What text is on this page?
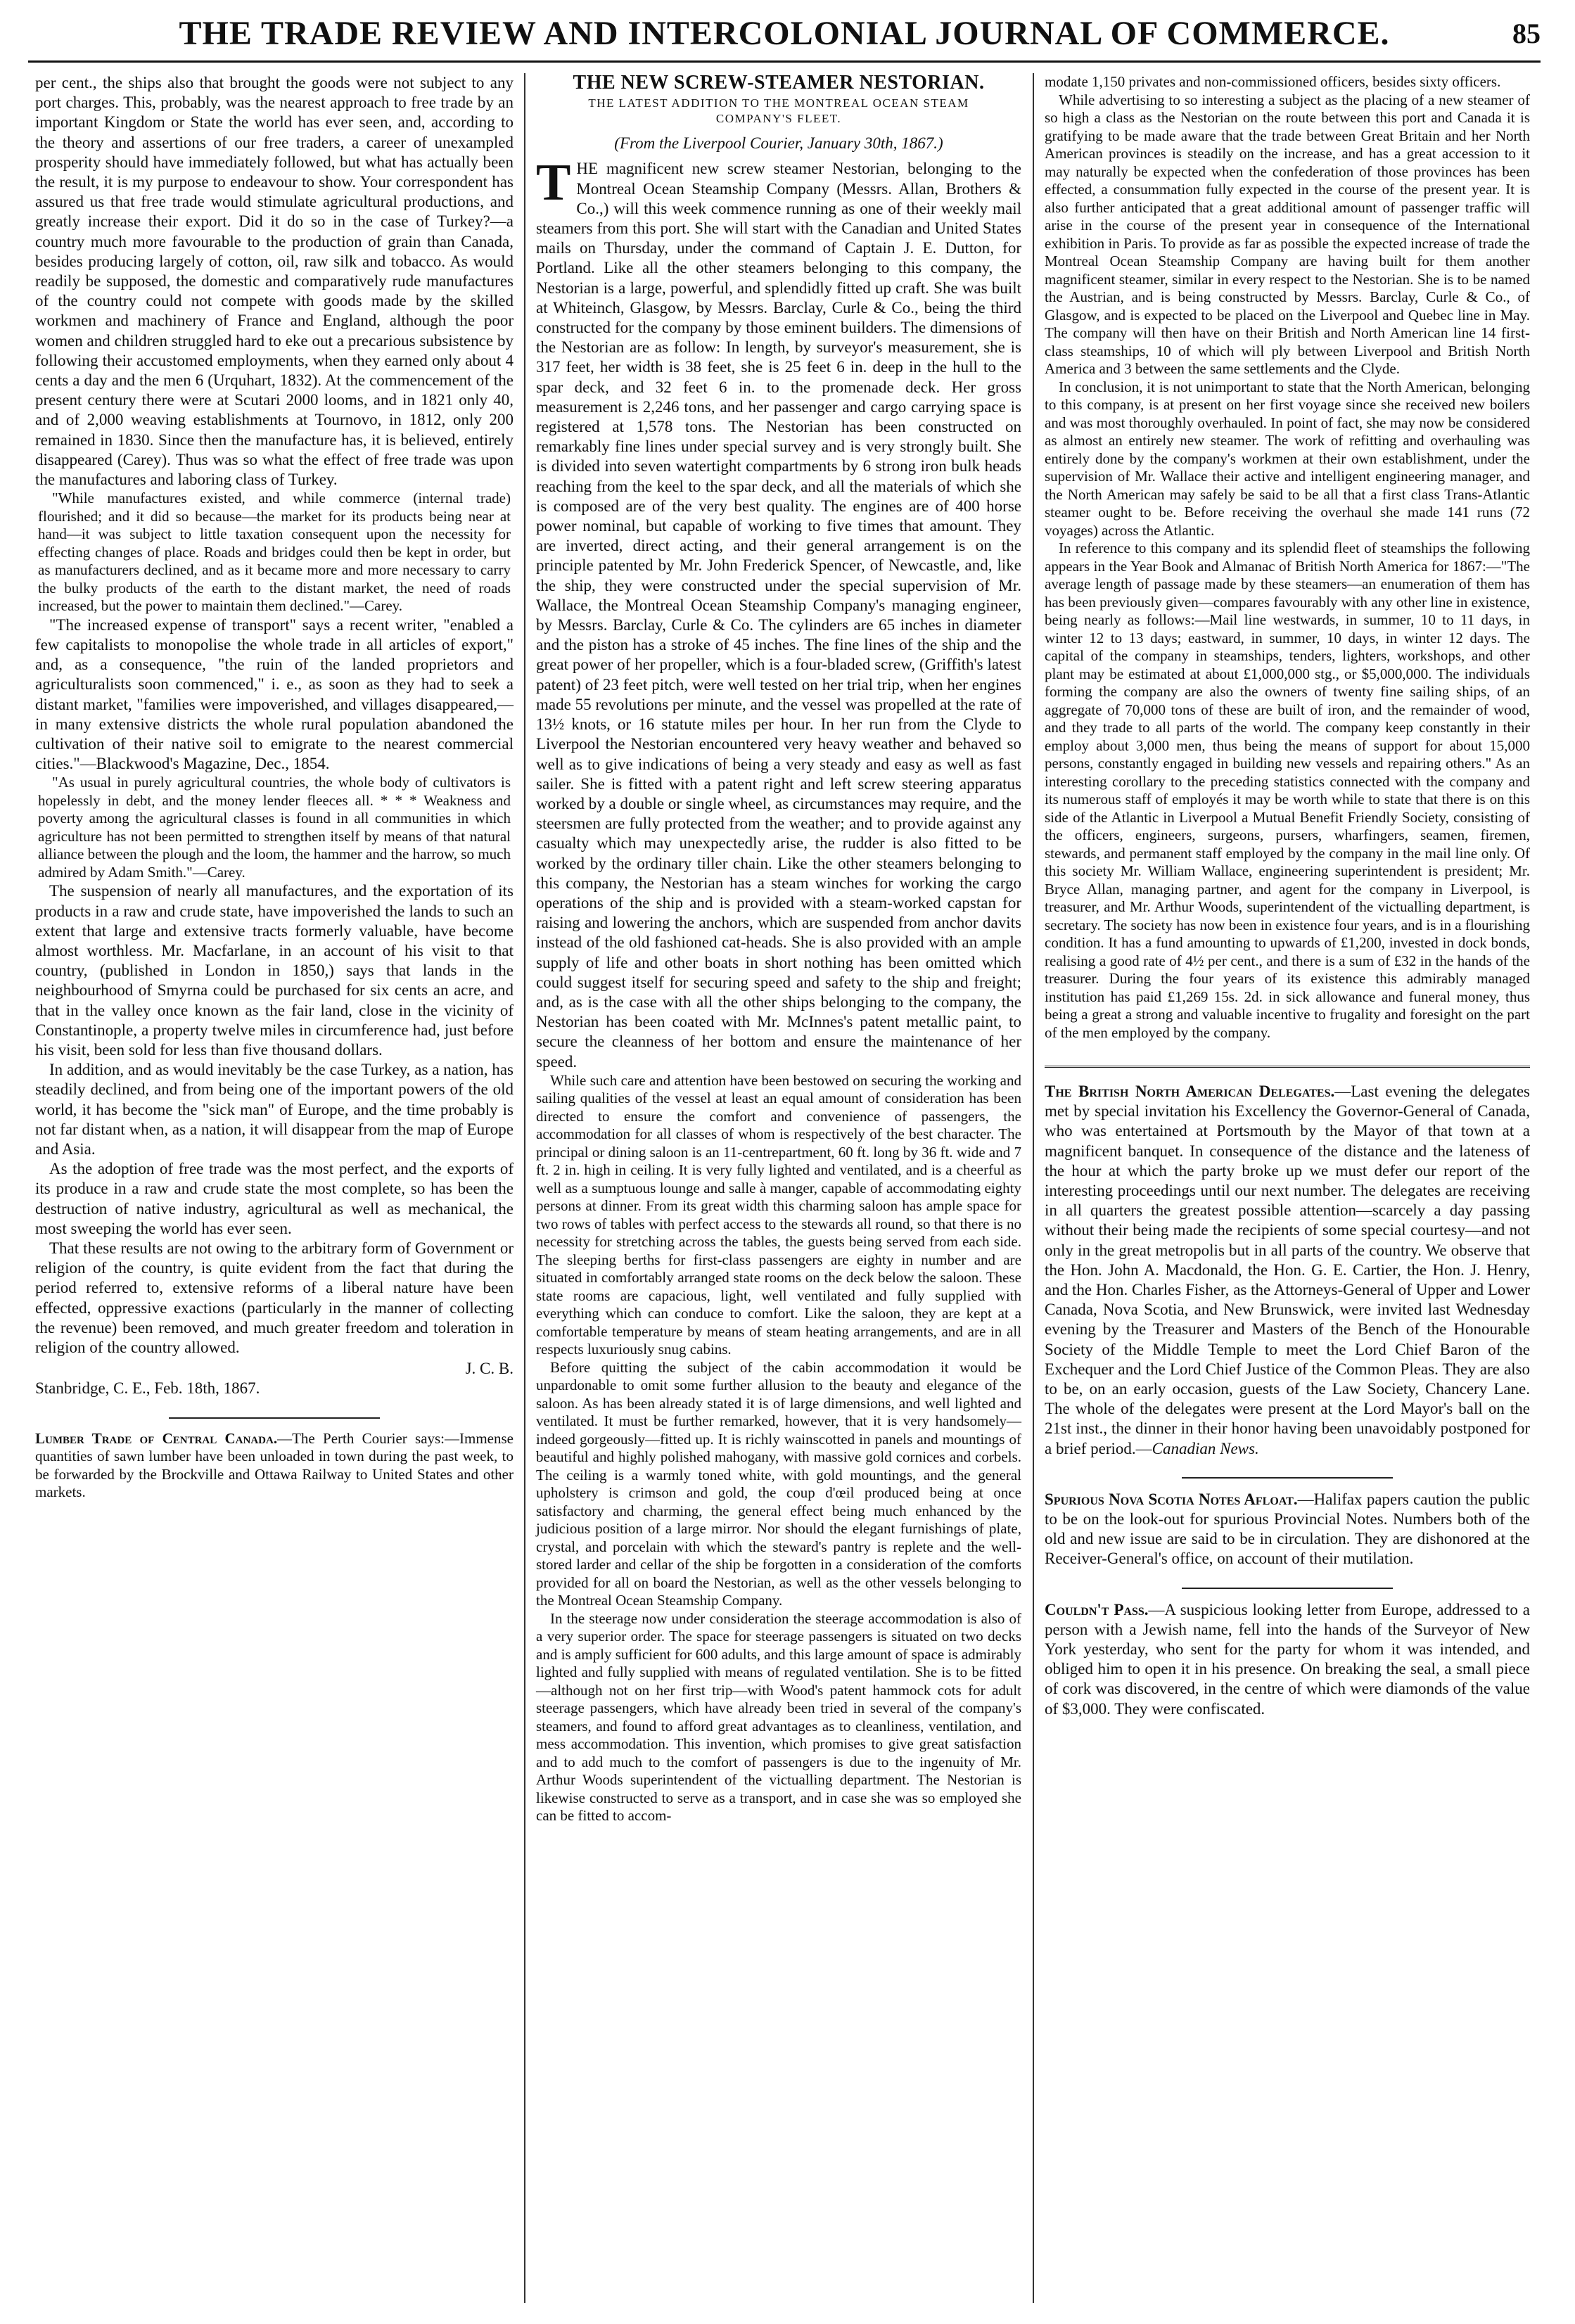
THE TRADE REVIEW AND INTERCOLONIAL JOURNAL OF COMMERCE.	85

per cent., the ships also that brought the goods were not subject to any port charges. This, probably, was the nearest approach to free trade by an important Kingdom or State the world has ever seen, and, according to the theory and assertions of our free traders, a career of unexampled prosperity should have immediately followed, but what has actually been the result, it is my purpose to endeavour to show. Your correspondent has assured us that free trade would stimulate agricultural productions, and greatly increase their export. Did it do so in the case of Turkey?—a country much more favourable to the production of grain than Canada, besides producing largely of cotton, oil, raw silk and tobacco. As would readily be supposed, the domestic and comparatively rude manufactures of the country could not compete with goods made by the skilled workmen and machinery of France and England, although the poor women and children struggled hard to eke out a precarious subsistence by following their accustomed employments, when they earned only about 4 cents a day and the men 6 (Urquhart, 1832). At the commencement of the present century there were at Scutari 2000 looms, and in 1821 only 40, and of 2,000 weaving establishments at Tournovo, in 1812, only 200 remained in 1830. Since then the manufacture has, it is believed, entirely disappeared (Carey). Thus was so what the effect of free trade was upon the manufactures and laboring class of Turkey.

"While manufactures existed, and while commerce (internal trade) flourished; and it did so because—the market for its products being near at hand—it was subject to little taxation consequent upon the necessity for effecting changes of place. Roads and bridges could then be kept in order, but as manufacturers declined, and as it became more and more necessary to carry the bulky products of the earth to the distant market, the need of roads increased, but the power to maintain them declined."—Carey.

"The increased expense of transport" says a recent writer, "enabled a few capitalists to monopolise the whole trade in all articles of export," and, as a consequence, "the ruin of the landed proprietors and agriculturalists soon commenced," i. e., as soon as they had to seek a distant market, "families were impoverished, and villages disappeared,—in many extensive districts the whole rural population abandoned the cultivation of their native soil to emigrate to the nearest commercial cities."—Blackwood's Magazine, Dec., 1854.

"As usual in purely agricultural countries, the whole body of cultivators is hopelessly in debt, and the money lender fleeces all. * * * Weakness and poverty among the agricultural classes is found in all communities in which agriculture has not been permitted to strengthen itself by means of that natural alliance between the plough and the loom, the hammer and the harrow, so much admired by Adam Smith."—Carey.

The suspension of nearly all manufactures, and the exportation of its products in a raw and crude state, have impoverished the lands to such an extent that large and extensive tracts formerly valuable, have become almost worthless. Mr. Macfarlane, in an account of his visit to that country, (published in London in 1850,) says that lands in the neighbourhood of Smyrna could be purchased for six cents an acre, and that in the valley once known as the fair land, close in the vicinity of Constantinople, a property twelve miles in circumference had, just before his visit, been sold for less than five thousand dollars.

In addition, and as would inevitably be the case Turkey, as a nation, has steadily declined, and from being one of the important powers of the old world, it has become the "sick man" of Europe, and the time probably is not far distant when, as a nation, it will disappear from the map of Europe and Asia.

As the adoption of free trade was the most perfect, and the exports of its produce in a raw and crude state the most complete, so has been the destruction of native industry, agricultural as well as mechanical, the most sweeping the world has ever seen.

That these results are not owing to the arbitrary form of Government or religion of the country, is quite evident from the fact that during the period referred to, extensive reforms of a liberal nature have been effected, oppressive exactions (particularly in the manner of collecting the revenue) been removed, and much greater freedom and toleration in religion of the country allowed.

J. C. B.
Stanbridge, C. E., Feb. 18th, 1867.

Lumber Trade of Central Canada.—The Perth Courier says:—Immense quantities of sawn lumber have been unloaded in town during the past week, to be forwarded by the Brockville and Ottawa Railway to United States and other markets.

THE NEW SCREW-STEAMER NESTORIAN.
THE LATEST ADDITION TO THE MONTREAL OCEAN STEAM COMPANY'S FLEET.
(From the Liverpool Courier, January 30th, 1867.)

THE magnificent new screw steamer Nestorian, belonging to the Montreal Ocean Steamship Company (Messrs. Allan, Brothers & Co.,) will this week commence running as one of their weekly mail steamers from this port. She will start with the Canadian and United States mails on Thursday, under the command of Captain J. E. Dutton, for Portland. Like all the other steamers belonging to this company, the Nestorian is a large, powerful, and splendidly fitted up craft. She was built at Whiteinch, Glasgow, by Messrs. Barclay, Curle & Co., being the third constructed for the company by those eminent builders. The dimensions of the Nestorian are as follow: In length, by surveyor's measurement, she is 317 feet, her width is 38 feet, she is 25 feet 6 in. deep in the hull to the spar deck, and 32 feet 6 in. to the promenade deck. Her gross measurement is 2,246 tons, and her passenger and cargo carrying space is registered at 1,578 tons. The Nestorian has been constructed on remarkably fine lines under special survey and is very strongly built. She is divided into seven watertight compartments by 6 strong iron bulk heads reaching from the keel to the spar deck, and all the materials of which she is composed are of the very best quality. The engines are of 400 horse power nominal, but capable of working to five times that amount. They are inverted, direct acting, and their general arrangement is on the principle patented by Mr. John Frederick Spencer, of Newcastle, and, like the ship, they were constructed under the special supervision of Mr. Wallace, the Montreal Ocean Steamship Company's managing engineer, by Messrs. Barclay, Curle & Co. The cylinders are 65 inches in diameter and the piston has a stroke of 45 inches. The fine lines of the ship and the great power of her propeller, which is a four-bladed screw, (Griffith's latest patent) of 23 feet pitch, were well tested on her trial trip, when her engines made 55 revolutions per minute, and the vessel was propelled at the rate of 13½ knots, or 16 statute miles per hour. In her run from the Clyde to Liverpool the Nestorian encountered very heavy weather and behaved so well as to give indications of being a very steady and easy as well as fast sailer. She is fitted with a patent right and left screw steering apparatus worked by a double or single wheel, as circumstances may require, and the steersmen are fully protected from the weather; and to provide against any casualty which may unexpectedly arise, the rudder is also fitted to be worked by the ordinary tiller chain. Like the other steamers belonging to this company, the Nestorian has a steam winches for working the cargo operations of the ship and is provided with a steam-worked capstan for raising and lowering the anchors, which are suspended from anchor davits instead of the old fashioned cat-heads. She is also provided with an ample supply of life and other boats in short nothing has been omitted which could suggest itself for securing speed and safety to the ship and freight; and, as is the case with all the other ships belonging to the company, the Nestorian has been coated with Mr. McInnes's patent metallic paint, to secure the cleanness of her bottom and ensure the maintenance of her speed.

While such care and attention have been bestowed on securing the working and sailing qualities of the vessel at least an equal amount of consideration has been directed to ensure the comfort and convenience of passengers, the accommodation for all classes of whom is respectively of the best character. The principal or dining saloon is an 11-centrepartment, 60 ft. long by 36 ft. wide and 7 ft. 2 in. high in ceiling. It is very fully lighted and ventilated, and is a cheerful as well as a sumptuous lounge and salle à manger, capable of accommodating eighty persons at dinner. From its great width this charming saloon has ample space for two rows of tables with perfect access to the stewards all round, so that there is no necessity for stretching across the tables, the guests being served from each side. The sleeping berths for first-class passengers are eighty in number and are situated in comfortably arranged state rooms on the deck below the saloon. These state rooms are capacious, light, well ventilated and fully supplied with everything which can conduce to comfort. Like the saloon, they are kept at a comfortable temperature by means of steam heating arrangements, and are in all respects luxuriously snug cabins.

Before quitting the subject of the cabin accommodation it would be unpardonable to omit some further allusion to the beauty and elegance of the saloon. As has been already stated it is of large dimensions, and well lighted and ventilated. It must be further remarked, however, that it is very handsomely—indeed gorgeously—fitted up. It is richly wainscotted in panels and mountings of beautiful and highly polished mahogany, with massive gold cornices and corbels. The ceiling is a warmly toned white, with gold mountings, and the general upholstery is crimson and gold, the coup d'œil produced being at once satisfactory and charming, the general effect being much enhanced by the judicious position of a large mirror. Nor should the elegant furnishings of plate, crystal, and porcelain with which the steward's pantry is replete and the well-stored larder and cellar of the ship be forgotten in a consideration of the comforts provided for all on board the Nestorian, as well as the other vessels belonging to the Montreal Ocean Steamship Company.

In the steerage now under consideration the steerage accommodation is also of a very superior order. The space for steerage passengers is situated on two decks and is amply sufficient for 600 adults, and this large amount of space is admirably lighted and fully supplied with means of regulated ventilation. She is to be fitted—although not on her first trip—with Wood's patent hammock cots for adult steerage passengers, which have already been tried in several of the company's steamers, and found to afford great advantages as to cleanliness, ventilation, and mess accommodation. This invention, which promises to give great satisfaction and to add much to the comfort of passengers is due to the ingenuity of Mr. Arthur Woods superintendent of the victualling department. The Nestorian is likewise constructed to serve as a transport, and in case she was so employed she can be fitted to accom-

modate 1,150 privates and non-commissioned officers, besides sixty officers.

While advertising to so interesting a subject as the placing of a new steamer of so high a class as the Nestorian on the route between this port and Canada it is gratifying to be made aware that the trade between Great Britain and her North American provinces is steadily on the increase, and has a great accession to it may naturally be expected when the confederation of those provinces has been effected, a consummation fully expected in the course of the present year. It is also further anticipated that a great additional amount of passenger traffic will arise in the course of the present year in consequence of the International exhibition in Paris. To provide as far as possible the expected increase of trade the Montreal Ocean Steamship Company are having built for them another magnificent steamer, similar in every respect to the Nestorian. She is to be named the Austrian, and is being constructed by Messrs. Barclay, Curle & Co., of Glasgow, and is expected to be placed on the Liverpool and Quebec line in May. The company will then have on their British and North American line 14 first-class steamships, 10 of which will ply between Liverpool and British North America and 3 between the same settlements and the Clyde.

In conclusion, it is not unimportant to state that the North American, belonging to this company, is at present on her first voyage since she received new boilers and was most thoroughly overhauled. In point of fact, she may now be considered as almost an entirely new steamer. The work of refitting and overhauling was entirely done by the company's workmen at their own establishment, under the supervision of Mr. Wallace their active and intelligent engineering manager, and the North American may safely be said to be all that a first class Trans-Atlantic steamer ought to be. Before receiving the overhaul she made 141 runs (72 voyages) across the Atlantic.

In reference to this company and its splendid fleet of steamships the following appears in the Year Book and Almanac of British North America for 1867:—"The average length of passage made by these steamers—an enumeration of them has has been previously given—compares favourably with any other line in existence, being nearly as follows:—Mail line westwards, in summer, 10 to 11 days, in winter 12 to 13 days; eastward, in summer, 10 days, in winter 12 days. The capital of the company in steamships, tenders, lighters, workshops, and other plant may be estimated at about £1,000,000 stg., or $5,000,000. The individuals forming the company are also the owners of twenty fine sailing ships, of an aggregate of 70,000 tons of these are built of iron, and the remainder of wood, and they trade to all parts of the world. The company keep constantly in their employ about 3,000 men, thus being the means of support for about 15,000 persons, constantly engaged in building new vessels and repairing others." As an interesting corollary to the preceding statistics connected with the company and its numerous staff of employés it may be worth while to state that there is on this side of the Atlantic in Liverpool a Mutual Benefit Friendly Society, consisting of the officers, engineers, surgeons, pursers, wharfingers, seamen, firemen, stewards, and permanent staff employed by the company in the mail line only. Of this society Mr. William Wallace, engineering superintendent is president; Mr. Bryce Allan, managing partner, and agent for the company in Liverpool, is treasurer, and Mr. Arthur Woods, superintendent of the victualling department, is secretary. The society has now been in existence four years, and is in a flourishing condition. It has a fund amounting to upwards of £1,200, invested in dock bonds, realising a good rate of 4½ per cent., and there is a sum of £32 in the hands of the treasurer. During the four years of its existence this admirably managed institution has paid £1,269 15s. 2d. in sick allowance and funeral money, thus being a great a strong and valuable incentive to frugality and foresight on the part of the men employed by the company.

The British North American Delegates.—Last evening the delegates met by special invitation his Excellency the Governor-General of Canada, who was entertained at Portsmouth by the Mayor of that town at a magnificent banquet. In consequence of the distance and the lateness of the hour at which the party broke up we must defer our report of the interesting proceedings until our next number. The delegates are receiving in all quarters the greatest possible attention—scarcely a day passing without their being made the recipients of some special courtesy—and not only in the great metropolis but in all parts of the country. We observe that the Hon. John A. Macdonald, the Hon. G. E. Cartier, the Hon. J. Henry, and the Hon. Charles Fisher, as the Attorneys-General of Upper and Lower Canada, Nova Scotia, and New Brunswick, were invited last Wednesday evening by the Treasurer and Masters of the Bench of the Honourable Society of the Middle Temple to meet the Lord Chief Baron of the Exchequer and the Lord Chief Justice of the Common Pleas. They are also to be, on an early occasion, guests of the Law Society, Chancery Lane. The whole of the delegates were present at the Lord Mayor's ball on the 21st inst., the dinner in their honor having been unavoidably postponed for a brief period.—Canadian News.

Spurious Nova Scotia Notes Afloat.—Halifax papers caution the public to be on the look-out for spurious Provincial Notes. Numbers both of the old and new issue are said to be in circulation. They are dishonored at the Receiver-General's office, on account of their mutilation.

Couldn't Pass.—A suspicious looking letter from Europe, addressed to a person with a Jewish name, fell into the hands of the Surveyor of New York yesterday, who sent for the party for whom it was intended, and obliged him to open it in his presence. On breaking the seal, a small piece of cork was discovered, in the centre of which were diamonds of the value of $3,000. They were confiscated.
